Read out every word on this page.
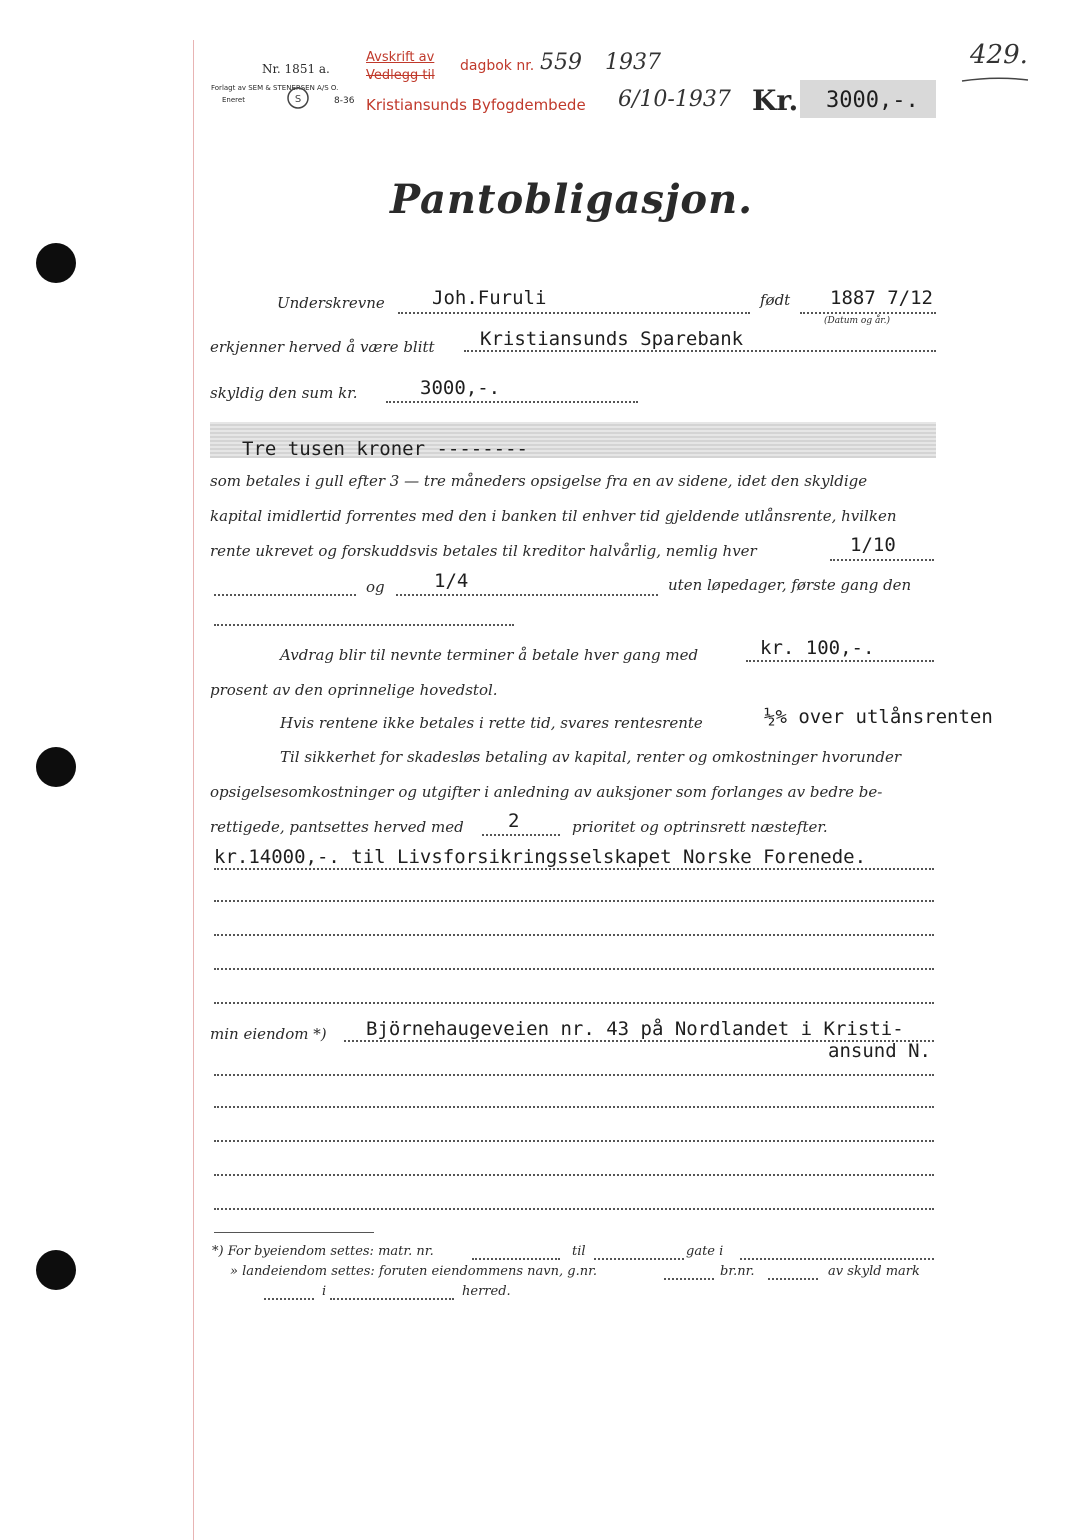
Nr. 1851 a.
Forlagt av SEM & STENERSEN A/S O.
Eneret	8-36
S
Avskrift av
Vedlegg til
dagbok nr. 559 1937
Kristiansunds Byfogdembede 6/10-1937 Kr. 3000,-.
429.
Pantobligasjon.
Underskrevne Joh.Furuli	født 1887 7/12
(Datum og år.)
erkjenner herved å være blitt Kristiansunds Sparebank
skyldig den sum kr.	3000,-.
Tre tusen kroner --------
som betales i gull efter 3 — tre måneders opsigelse fra en av sidene, idet den skyldige
kapital imidlertid forrentes med den i banken til enhver tid gjeldende utlånsrente, hvilken
rente ukrevet og forskuddsvis betales til kreditor halvårlig, nemlig hver	1/10
og	1/4	uten løpedager, første gang den
Avdrag blir til nevnte terminer å betale hver gang med	kr. 100,-.
prosent av den oprinnelige hovedstol.
Hvis rentene ikke betales i rette tid, svares rentesrente	½% over utlånsrenten
Til sikkerhet for skadesløs betaling av kapital, renter og omkostninger hvorunder
opsigelsesomkostninger og utgifter i anledning av auksjoner som forlanges av bedre be-
rettigede, pantsettes herved med 2	prioritet og optrinsrett næstefter.
kr.14000,-. til Livsforsikringsselskapet Norske Forenede.
min eiendom *) Björnehaugeveien nr. 43 på Nordlandet i Kristi-
ansund N.
*) For byeiendom settes: matr. nr.	til	gate i
» landeiendom settes: foruten eiendommens navn, g.nr.	br.nr.	av skyld mark
i	herred.
